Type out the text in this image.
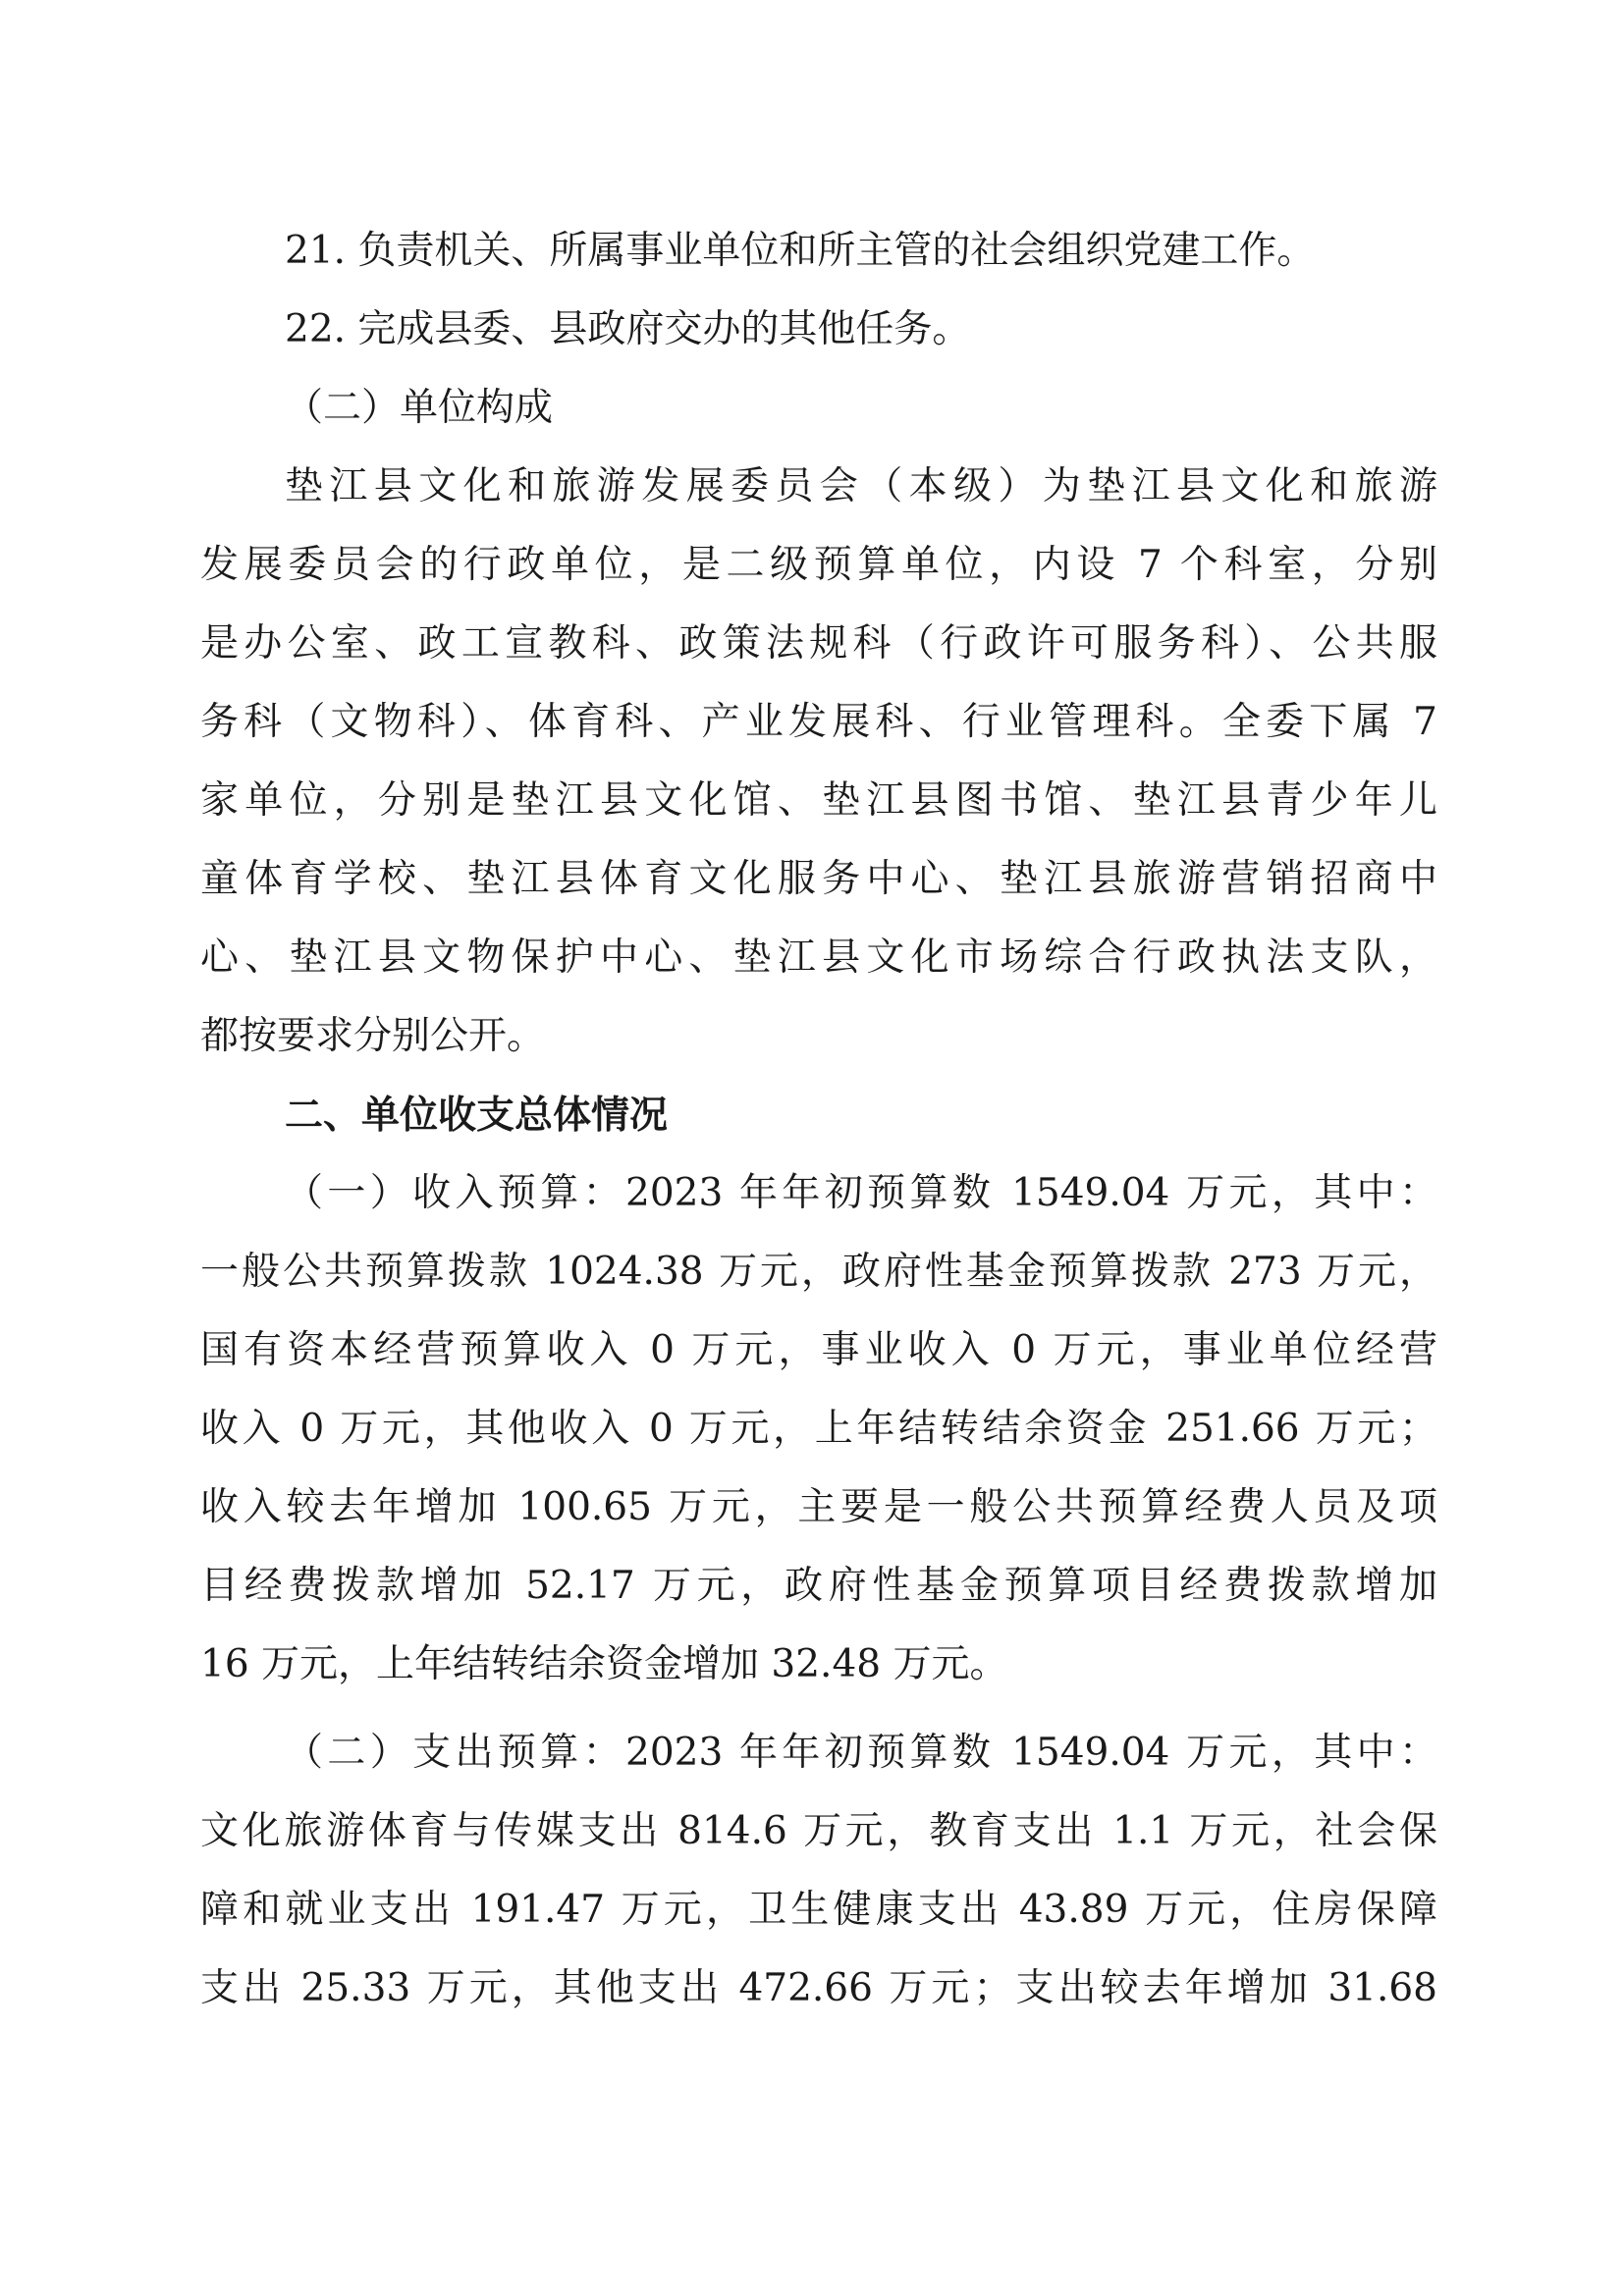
21. 负责机关、所属事业单位和所主管的社会组织党建工作。
22. 完成县委、县政府交办的其他任务。
（二）单位构成
垫江县文化和旅游发展委员会（本级）为垫江县文化和旅游
发展委员会的行政单位，是二级预算单位，内设 7 个科室，分别
是办公室、政工宣教科、政策法规科（行政许可服务科）、公共服
务科（文物科）、体育科、产业发展科、行业管理科。全委下属 7
家单位，分别是垫江县文化馆、垫江县图书馆、垫江县青少年儿
童体育学校、垫江县体育文化服务中心、垫江县旅游营销招商中
心、垫江县文物保护中心、垫江县文化市场综合行政执法支队，
都按要求分别公开。
二、单位收支总体情况
（一）收入预算：2023 年年初预算数 1549.04 万元，其中：
一般公共预算拨款 1024.38 万元，政府性基金预算拨款 273 万元，
国有资本经营预算收入 0 万元，事业收入 0 万元，事业单位经营
收入 0 万元，其他收入 0 万元，上年结转结余资金 251.66 万元；
收入较去年增加 100.65 万元，主要是一般公共预算经费人员及项
目经费拨款增加 52.17 万元，政府性基金预算项目经费拨款增加
16 万元，上年结转结余资金增加 32.48 万元。
（二）支出预算：2023 年年初预算数 1549.04 万元，其中：
文化旅游体育与传媒支出 814.6 万元，教育支出 1.1 万元，社会保
障和就业支出 191.47 万元，卫生健康支出 43.89 万元，住房保障
支出 25.33 万元，其他支出 472.66 万元；支出较去年增加 31.68
